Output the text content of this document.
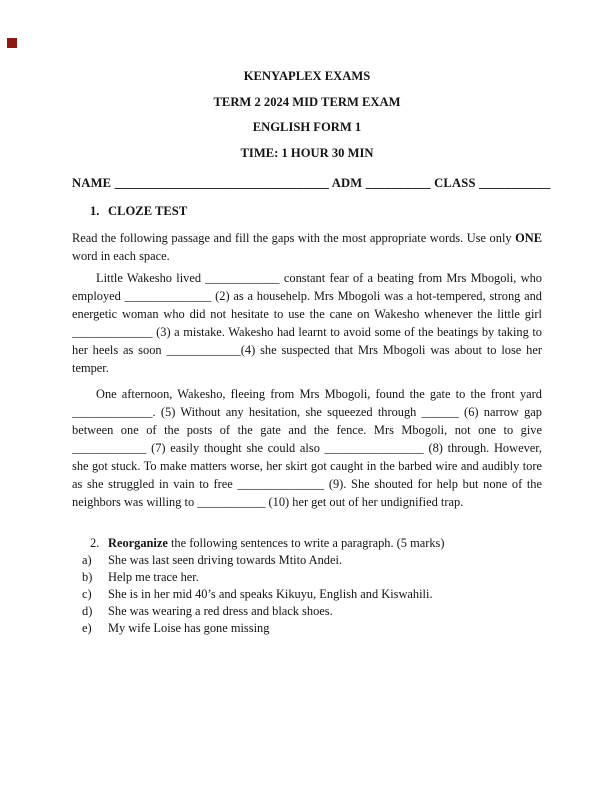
KENYAPLEX EXAMS
TERM 2 2024 MID TERM EXAM
ENGLISH FORM 1
TIME: 1 HOUR 30 MIN
NAME _________________________________ ADM __________ CLASS ___________
1. CLOZE TEST
Read the following passage and fill the gaps with the most appropriate words. Use only ONE word in each space.

Little Wakesho lived ____________ constant fear of a beating from Mrs Mbogoli, who employed ______________ (2) as a househelp. Mrs Mbogoli was a hot-tempered, strong and energetic woman who did not hesitate to use the cane on Wakesho whenever the little girl _____________ (3) a mistake. Wakesho had learnt to avoid some of the beatings by taking to her heels as soon ____________(4) she suspected that Mrs Mbogoli was about to lose her temper.

One afternoon, Wakesho, fleeing from Mrs Mbogoli, found the gate to the front yard _____________. (5) Without any hesitation, she squeezed through ______ (6) narrow gap between one of the posts of the gate and the fence. Mrs Mbogoli, not one to give ____________ (7) easily thought she could also ________________ (8) through. However, she got stuck. To make matters worse, her skirt got caught in the barbed wire and audibly tore as she struggled in vain to free ______________ (9). She shouted for help but none of the neighbors was willing to ___________ (10) her get out of her undignified trap.

2. Reorganize the following sentences to write a paragraph. (5 marks)
a) She was last seen driving towards Mtito Andei.
b) Help me trace her.
c) She is in her mid 40’s and speaks Kikuyu, English and Kiswahili.
d) She was wearing a red dress and black shoes.
e) My wife Loise has gone missing
